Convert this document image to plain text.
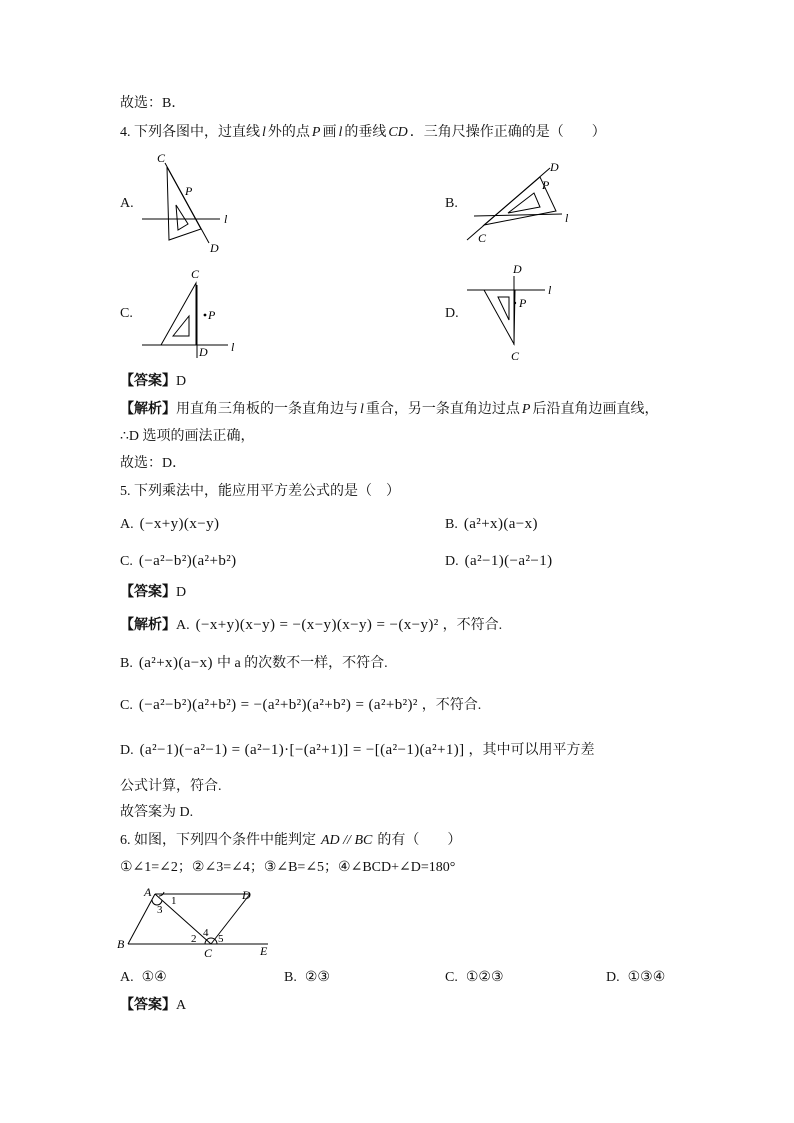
故选：B．
4. 下列各图中，过直线 l 外的点 P 画 l 的垂线 CD ．三角尺操作正确的是（　　）
A.	B.
C.	D.
C
P
l
D
D
P
l
C
C
P
D l
D
l
P
C
【答案】D
【解析】用直角三角板的一条直角边与 l 重合，另一条直角边过点 P 后沿直角边画直线，
∴D 选项的画法正确，
故选：D．
5. 下列乘法中，能应用平方差公式的是（　）
A. (−x+y)(x−y)	B. (a²+x)(a−x)
C. (−a²−b²)(a²+b²)	D. (a²−1)(−a²−1)
【答案】D
【解析】A. (−x+y)(x−y) = −(x−y)(x−y) = −(x−y)² ，不符合.
B. (a²+x)(a−x) 中 a 的次数不一样，不符合.
C. (−a²−b²)(a²+b²) = −(a²+b²)(a²+b²) = (a²+b²)² ，不符合.
D. (a²−1)(−a²−1) = (a²−1)·[−(a²+1)] = −[(a²−1)(a²+1)] ，其中可以用平方差
公式计算，符合.
故答案为 D.
6. 如图，下列四个条件中能判定 AD // BC 的有（　　）
①∠1=∠2；②∠3=∠4；③∠B=∠5；④∠BCD+∠D=180°
A	D
B
C	E
1
3
2 4 5
A. ①④	B. ②③	C. ①②③	D. ①③④
【答案】A
